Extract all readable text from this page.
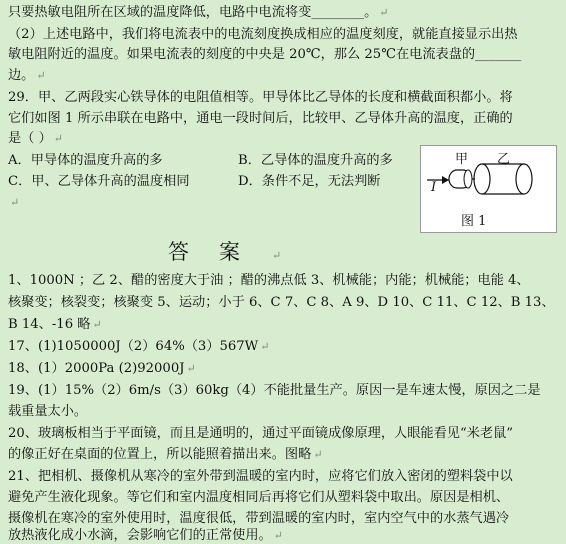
只要热敏电阻所在区域的温度降低，电路中电流将变________。 ↵
（2）上述电路中，我们将电流表中的电流刻度换成相应的温度刻度，就能直接显示出热
敏电阻附近的温度。如果电流表的刻度的中央是 20℃，那么 25℃在电流表盘的_______
边。 ↵
29．甲、乙两段实心铁导体的电阻值相等。甲导体比乙导体的长度和横截面积都小。将
它们如图 1 所示串联在电路中，通电一段时间后，比较甲、乙导体升高的温度，正确的
是（ ） ↵
A．甲导体的温度升高的多	B．乙导体的温度升高的多
C．甲、乙导体升高的温度相同	D．条件不足，无法判断
↵
甲 乙
I
图 1
答案 ↵
1、1000N ；乙 2、醋的密度大于油 ；醋的沸点低 3、机械能；内能；机械能；电能 4、
核聚变；核裂变；核聚变 5、运动；小于 6、C 7、C 8、A 9、D 10、C 11、C 12、B 13、
B 14、-16 略 ↵
17、(1)1050000J（2）64%（3）567W ↵
18、(1）2000Pa (2)92000J ↵
19、(1）15%（2）6m/s（3）60kg（4）不能批量生产。原因一是车速太慢，原因之二是
载重量太小。
20、玻璃板相当于平面镜，而且是通明的，通过平面镜成像原理，人眼能看见“米老鼠”
的像正好在桌面的位置上，所以能照着描出来。图略 ↵
21、把相机、摄像机从寒冷的室外带到温暖的室内时，应将它们放入密闭的塑料袋中以
避免产生液化现象。等它们和室内温度相同后再将它们从塑料袋中取出。原因是相机、
摄像机在寒冷的室外使用时，温度很低，带到温暖的室内时，室内空气中的水蒸气遇冷
放热液化成小水滴，会影响它们的正常使用。 ↵
